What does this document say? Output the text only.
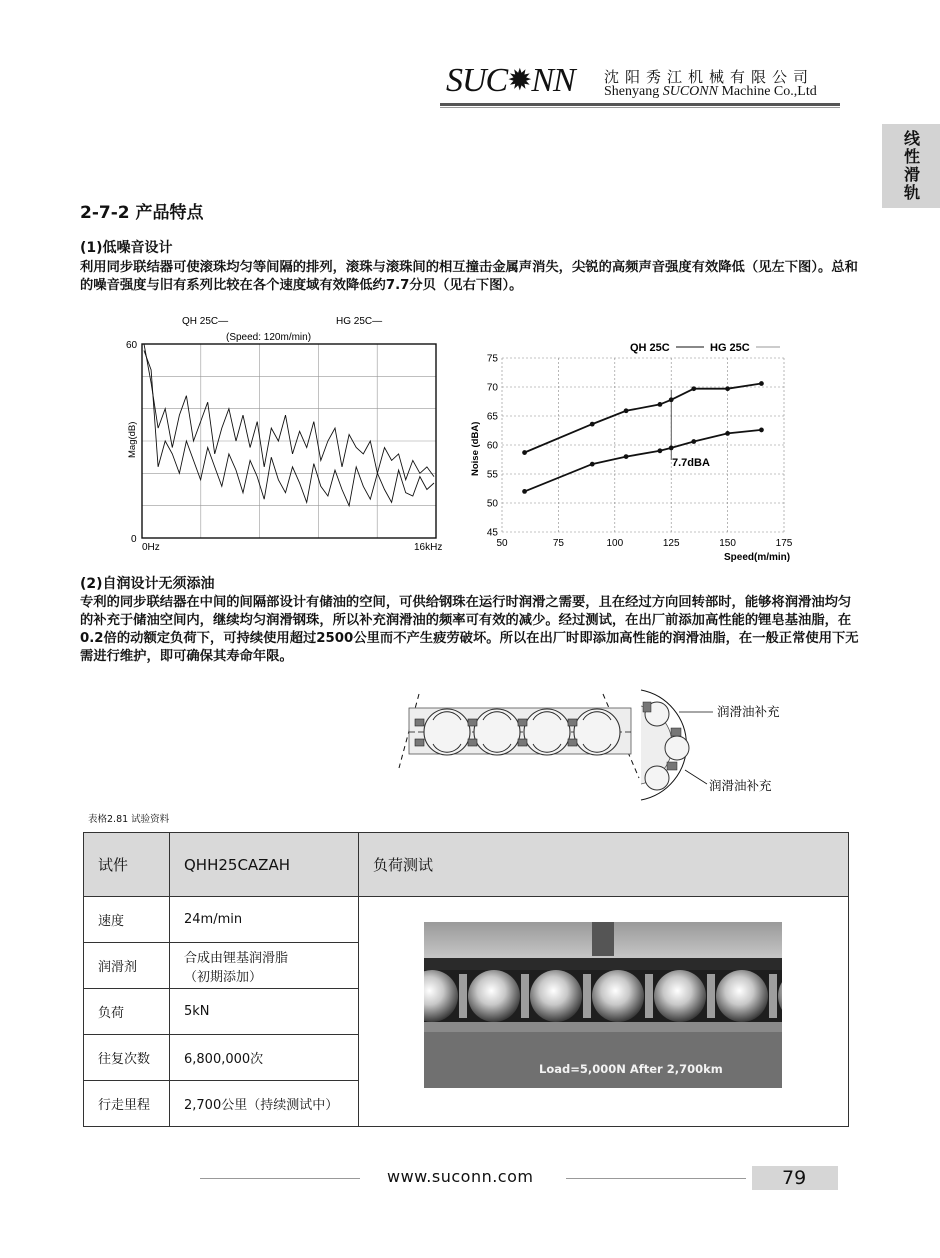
SUC✹NN 沈阳秀江机械有限公司
Shenyang SUCONN Machine Co.,Ltd
线性滑轨
2-7-2 产品特点
(1)低噪音设计
利用同步联结器可使滚珠均匀等间隔的排列，滚珠与滚珠间的相互撞击金属声消失，尖锐的高频声音强度有效降低（见左下图）。总和的噪音强度与旧有系列比较在各个速度域有效降低约7.7分贝（见右下图）。
QH 25C—	HG 25C—
(Speed: 120m/min)
60
0
0Hz	16kHz
Mag(dB)
QH 25C	HG 25C
45
50
55
60
65
70
75
50	75	100	125	150	175
Speed(m/min)
Noise (dBA)	7.7dBA
(2)自润设计无须添油
专利的同步联结器在中间的间隔部设计有储油的空间，可供给钢珠在运行时润滑之需要，且在经过方向回转部时，能够将润滑油均匀的补充于储油空间内，继续均匀润滑钢珠，所以补充润滑油的频率可有效的减少。经过测试，在出厂前添加高性能的锂皂基油脂，在0.2倍的动额定负荷下，可持续使用超过2500公里而不产生疲劳破坏。所以在出厂时即添加高性能的润滑油脂，在一般正常使用下无需进行维护，即可确保其寿命年限。
润滑油补充
润滑油补充
表格2.81 试验资料
试件	QHH25CAZAH	负荷测试
速度	24m/min	
润滑剂	合成由锂基润滑脂
（初期添加）	

负荷	5kN	
往复次数	6,800,000次	
行走里程	2,700公里（持续测试中）	
Load=5,000N After 2,700km
www.suconn.com	79
